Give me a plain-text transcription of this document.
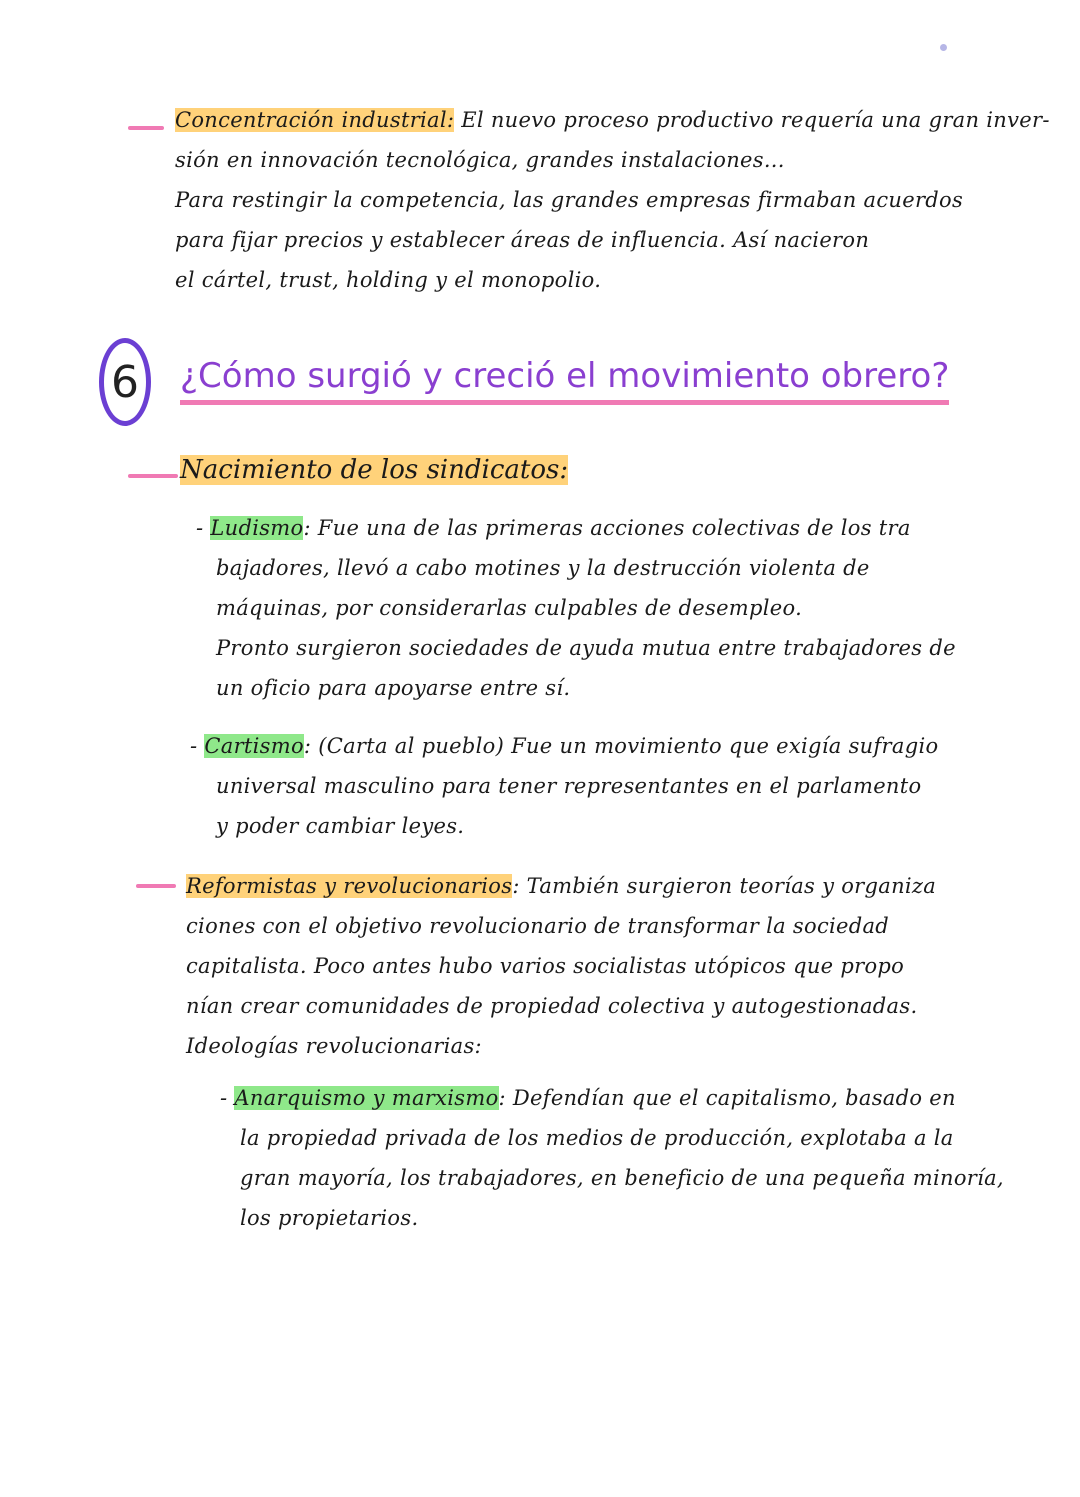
Concentración industrial: El nuevo proceso productivo requería una gran inver-
sión en innovación tecnológica, grandes instalaciones...
Para restingir la competencia, las grandes empresas firmaban acuerdos
para fijar precios y establecer áreas de influencia. Así nacieron
el cártel, trust, holding y el monopolio.
6 ¿Cómo surgió y creció el movimiento obrero?
Nacimiento de los sindicatos:
- Ludismo: Fue una de las primeras acciones colectivas de los tra
bajadores, llevó a cabo motines y la destrucción violenta de
máquinas, por considerarlas culpables de desempleo.
Pronto surgieron sociedades de ayuda mutua entre trabajadores de
un oficio para apoyarse entre sí.
- Cartismo: (Carta al pueblo) Fue un movimiento que exigía sufragio
universal masculino para tener representantes en el parlamento
y poder cambiar leyes.
Reformistas y revolucionarios: También surgieron teorías y organiza
ciones con el objetivo revolucionario de transformar la sociedad
capitalista. Poco antes hubo varios socialistas utópicos que propo
nían crear comunidades de propiedad colectiva y autogestionadas.
Ideologías revolucionarias:
- Anarquismo y marxismo: Defendían que el capitalismo, basado en
la propiedad privada de los medios de producción, explotaba a la
gran mayoría, los trabajadores, en beneficio de una pequeña minoría,
los propietarios.
